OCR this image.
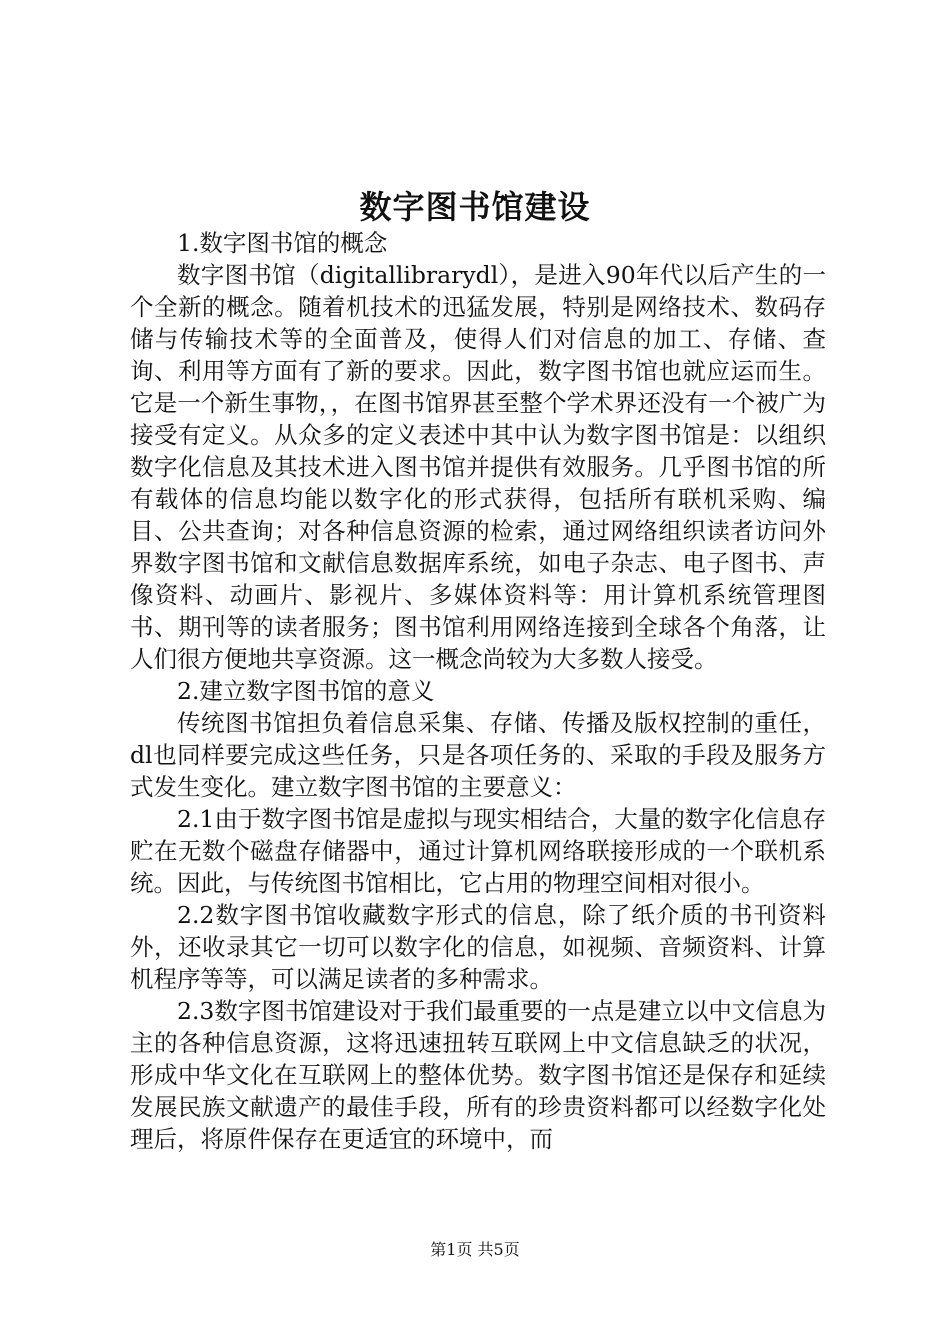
数字图书馆建设

1.数字图书馆的概念

数字图书馆（digitallibrarydl），是进入90年代以后产生的一个全新的概念。随着机技术的迅猛发展，特别是网络技术、数码存储与传输技术等的全面普及，使得人们对信息的加工、存储、查询、利用等方面有了新的要求。因此，数字图书馆也就应运而生。它是一个新生事物，，在图书馆界甚至整个学术界还没有一个被广为接受有定义。从众多的定义表述中其中认为数字图书馆是：以组织数字化信息及其技术进入图书馆并提供有效服务。几乎图书馆的所有载体的信息均能以数字化的形式获得，包括所有联机采购、编目、公共查询；对各种信息资源的检索，通过网络组织读者访问外界数字图书馆和文献信息数据库系统，如电子杂志、电子图书、声像资料、动画片、影视片、多媒体资料等：用计算机系统管理图书、期刊等的读者服务；图书馆利用网络连接到全球各个角落，让人们很方便地共享资源。这一概念尚较为大多数人接受。

2.建立数字图书馆的意义

传统图书馆担负着信息采集、存储、传播及版权控制的重任，dl也同样要完成这些任务，只是各项任务的、采取的手段及服务方式发生变化。建立数字图书馆的主要意义：

2.1由于数字图书馆是虚拟与现实相结合，大量的数字化信息存贮在无数个磁盘存储器中，通过计算机网络联接形成的一个联机系统。因此，与传统图书馆相比，它占用的物理空间相对很小。

2.2数字图书馆收藏数字形式的信息，除了纸介质的书刊资料外，还收录其它一切可以数字化的信息，如视频、音频资料、计算机程序等等，可以满足读者的多种需求。

2.3数字图书馆建设对于我们最重要的一点是建立以中文信息为主的各种信息资源，这将迅速扭转互联网上中文信息缺乏的状况，形成中华文化在互联网上的整体优势。数字图书馆还是保存和延续发展民族文献遗产的最佳手段，所有的珍贵资料都可以经数字化处理后，将原件保存在更适宜的环境中，而

第1页 共5页
